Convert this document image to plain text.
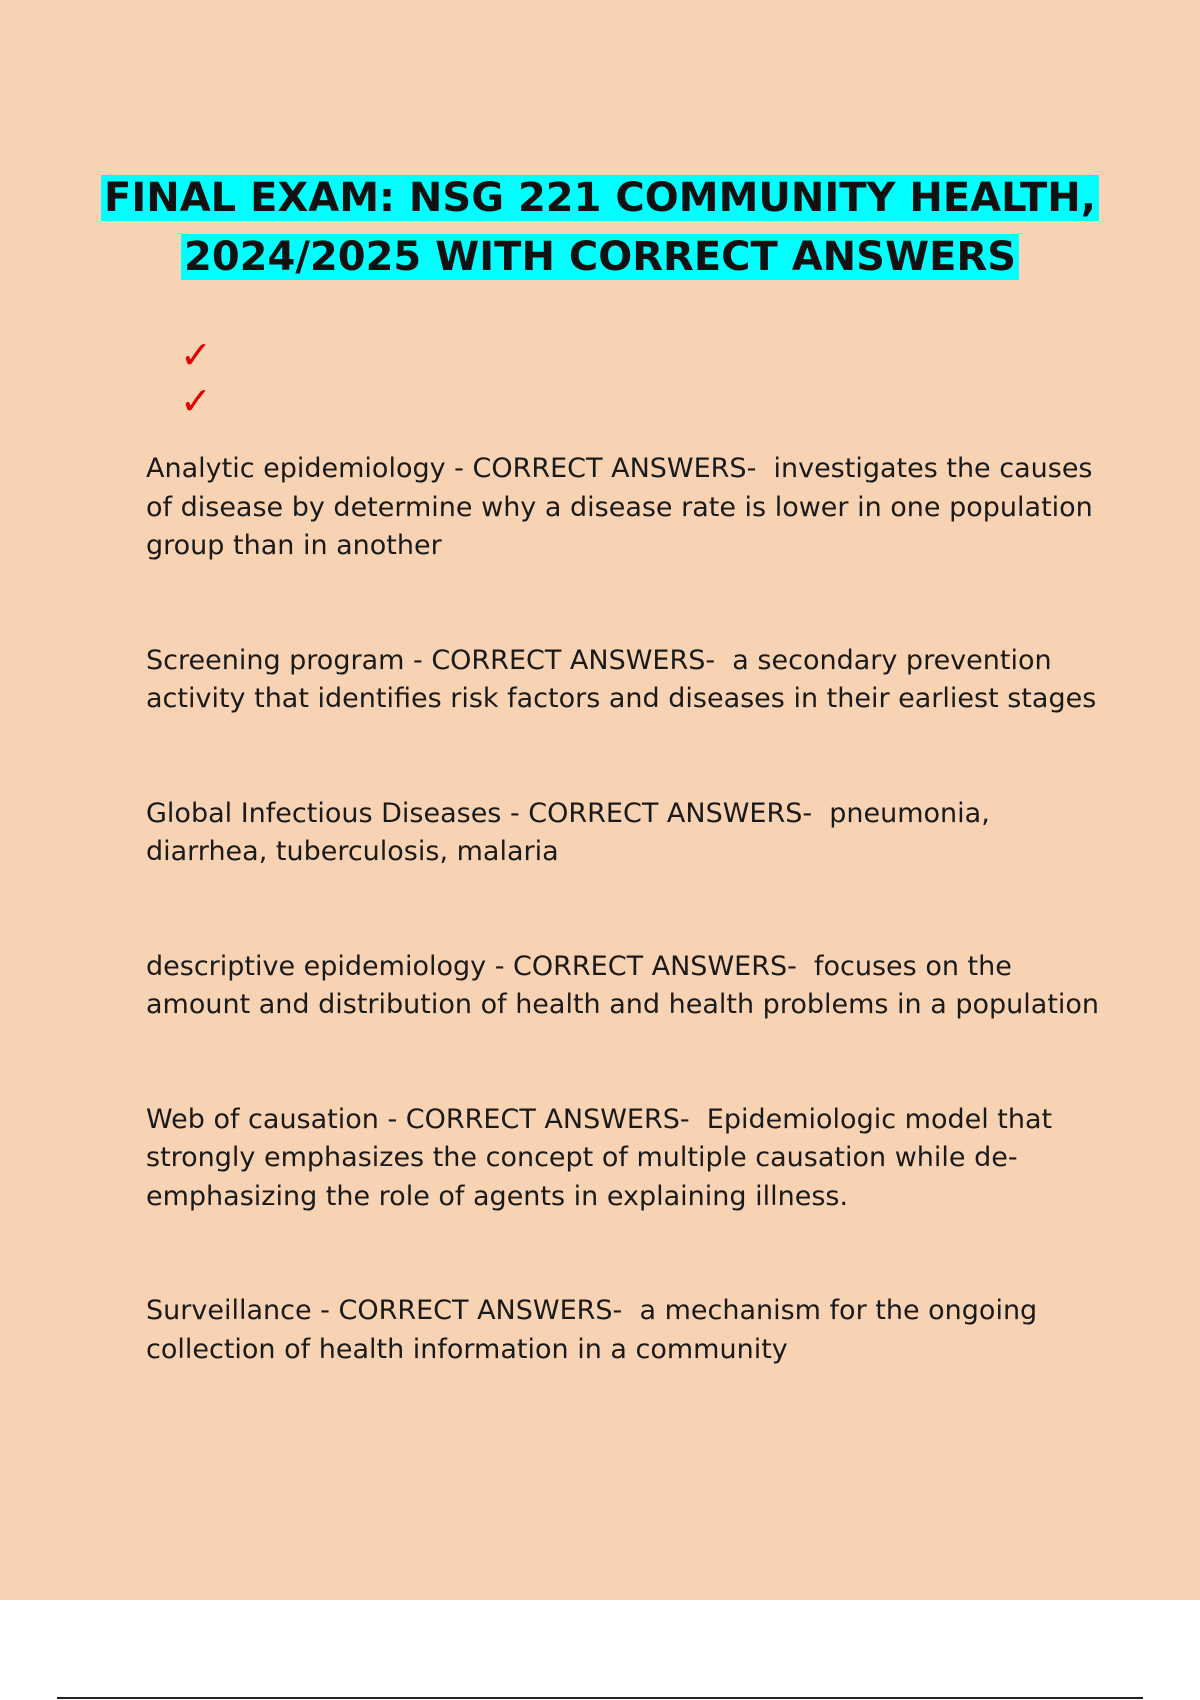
FINAL EXAM: NSG 221 COMMUNITY HEALTH, 2024/2025 WITH CORRECT ANSWERS
✓
✓

Analytic epidemiology - CORRECT ANSWERS-  investigates the causes of disease by determine why a disease rate is lower in one population group than in another

Screening program - CORRECT ANSWERS-  a secondary prevention activity that identifies risk factors and diseases in their earliest stages

Global Infectious Diseases - CORRECT ANSWERS-  pneumonia, diarrhea, tuberculosis, malaria

descriptive epidemiology - CORRECT ANSWERS-  focuses on the amount and distribution of health and health problems in a population

Web of causation - CORRECT ANSWERS-  Epidemiologic model that strongly emphasizes the concept of multiple causation while de-emphasizing the role of agents in explaining illness.

Surveillance - CORRECT ANSWERS-  a mechanism for the ongoing collection of health information in a community
